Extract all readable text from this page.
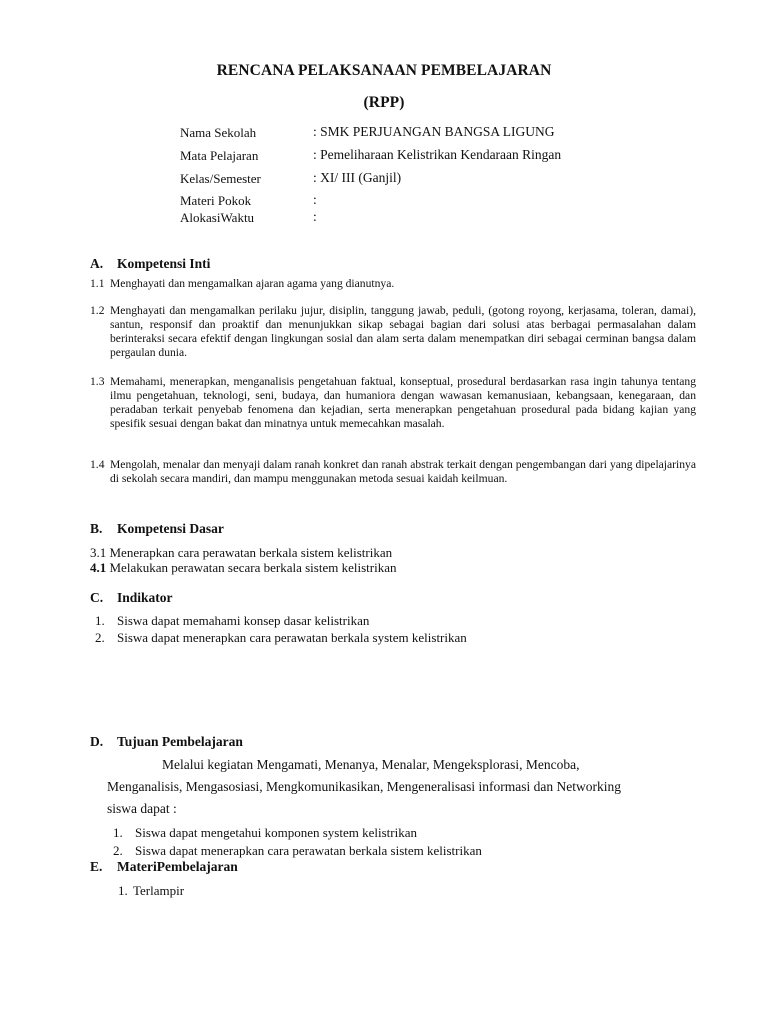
RENCANA PELAKSANAAN PEMBELAJARAN
(RPP)
Nama Sekolah	: SMK PERJUANGAN BANGSA LIGUNG
Mata Pelajaran	: Pemeliharaan Kelistrikan Kendaraan Ringan
Kelas/Semester	: XI/ III (Ganjil)
Materi Pokok	:
AlokasiWaktu	:
A. Kompetensi Inti
1.1 Menghayati dan mengamalkan ajaran agama yang dianutnya.
1.2 Menghayati dan mengamalkan perilaku jujur, disiplin, tanggung jawab, peduli, (gotong royong, kerjasama, toleran, damai), santun, responsif dan proaktif dan menunjukkan sikap sebagai bagian dari solusi atas berbagai permasalahan dalam berinteraksi secara efektif dengan lingkungan sosial dan alam serta dalam menempatkan diri sebagai cerminan bangsa dalam pergaulan dunia.
1.3 Memahami, menerapkan, menganalisis pengetahuan faktual, konseptual, prosedural berdasarkan rasa ingin tahunya tentang ilmu pengetahuan, teknologi, seni, budaya, dan humaniora dengan wawasan kemanusiaan, kebangsaan, kenegaraan, dan peradaban terkait penyebab fenomena dan kejadian, serta menerapkan pengetahuan prosedural pada bidang kajian yang spesifik sesuai dengan bakat dan minatnya untuk memecahkan masalah.
1.4 Mengolah, menalar dan menyaji dalam ranah konkret dan ranah abstrak terkait dengan pengembangan dari yang dipelajarinya di sekolah secara mandiri, dan mampu menggunakan metoda sesuai kaidah keilmuan.
B. Kompetensi Dasar
3.1 Menerapkan cara perawatan berkala sistem kelistrikan
4.1 Melakukan perawatan secara berkala sistem kelistrikan
C. Indikator
1. Siswa dapat memahami konsep dasar kelistrikan
2. Siswa dapat menerapkan cara perawatan berkala system kelistrikan
D. Tujuan Pembelajaran
Melalui kegiatan Mengamati, Menanya, Menalar, Mengeksplorasi, Mencoba,
Menganalisis, Mengasosiasi, Mengkomunikasikan, Mengeneralisasi informasi dan Networking
siswa dapat :
1. Siswa dapat mengetahui komponen system kelistrikan
2. Siswa dapat menerapkan cara perawatan berkala sistem kelistrikan
E. MateriPembelajaran
1. Terlampir
